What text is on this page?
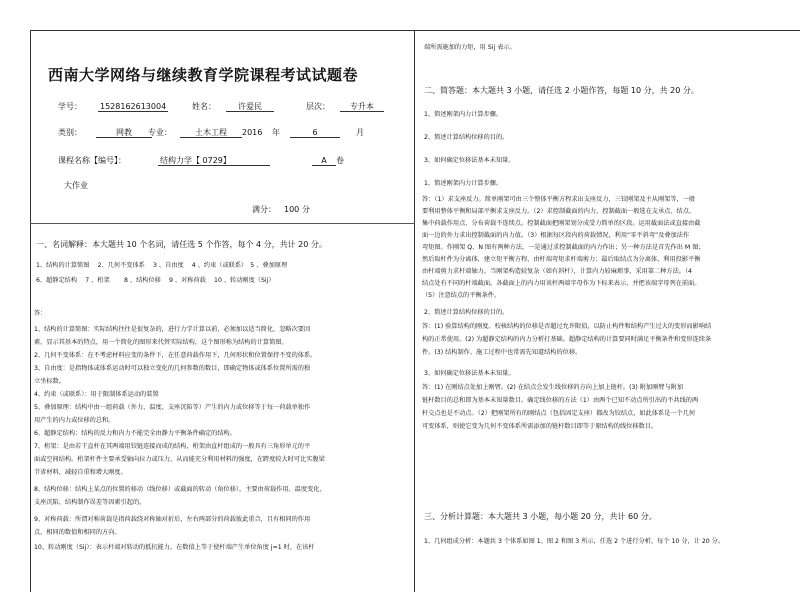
西南大学网络与继续教育学院课程考试试题卷
学号： 1528162613004	姓名：	许爱民	层次：	专升本
类别：	网教	专业：	土木工程	2016 年	6	月
课程名称【编号】：	结构力学【 0729】	A	卷
大作业
满分： 100 分
一、名词解释：本大题共 10 个名词，请任选 5 个作答，每个 4 分，共计 20 分。
1、结构的计算简图　 2、几何不变体系　 3 、自由度　 4 、约束（或联系）　5 、叠加原理
6、超静定结构　 7 、桁架　　 8 、结构位移　 9 、对称荷载　 10 、转动刚度（Sij）
答：
1、结构的计算简图：实际结构往往是很复杂的，进行力学计算以前，必须加以适当简化，忽略次要因
素，显示其基本的特点，用一个简化的图形来代替实际结构，这个图形称为结构的计算简图。
2、几何不变体系：在不考虑材料应变的条件下，在任意荷载作用下，几何形状和位置保持不变的体系。
3、自由度：是指物体或体系运动时可以独立变化的几何参数的数目，即确定物体或体系位置所需的独
立坐标数。
4、约束（或联系）：用于限制体系运动的装置
5、叠加原理：结构中由一组荷载（外力、温度、支座沉陷等）产生的内力或位移等于每一荷载单独作
用产生的内力或位移的总和。
6、超静定结构：结构的反力和内力不能完全由静力平衡条件确定的结构。
7、桁架：是由若干直杆在其两端用铰链连接而成的结构，桁架由直杆组成的一般具有三角形单元的平
面或空间结构。桁架杆件主要承受轴向拉力或压力，从而能充分利用材料的强度，在跨度较大时可比实腹梁
节省材料，减轻自重和增大刚度。
8、结构位移：结构上某点的位置的移动（线位移）或截面的转动（角位移），主要由荷载作用、温度变化、
支座沉陷、结构制作误差等因素引起的。
9、对称荷载：所谓对称荷载是指荷载绕对称轴对折后，左右两部分的荷载彼此重合，且有相同的作用
点，相同的数值和相同的方向。
10、转动刚度（Sij）：表示杆端对转动的抵抗能力。在数值上等于使杆端产生单位角度 j=1 时，在该杆
端所需施加的力矩，用 Sij 表示。
二、简答题：本大题共 3 小题，请任选 2 小题作答，每题 10 分，共 20 分。
1、简述刚架内力计算步骤。
2、简述计算结构位移的目的。
3、如何确定位移法基本未知量。
1、简述刚架内力计算步骤。
答：（1）求支座反力。简单刚架可由三个整体平衡方程求出支座反力，三铰刚架及主从刚架等，一般
要利用整体平衡和局部平衡求支座反力。（2）求控制截面的内力，控制截面一般选在支承点、结点、
集中荷载作用点、分布荷载不连续点。控制截面把刚架划分成受力简单的区段。运用截面法或直接由截
面一边的外力求出控制截面的内力值。（3）根据每区段内的荷载情况，利用“零平斜弯”及叠加法作
弯矩图。作刚架 Q、N 图有两种方法，一是通过求控制截面的内力作出；另一种方法是首先作出 M 图；
然后取杆件为分离体，建立矩平衡方程，由杆端弯矩求杆端剪力；最后取结点为分离体，利用投影平衡
由杆端剪力求杆端轴力。当刚架构造较复杂（如有斜杆），计算内力较麻烦事，采用第二种方法。（4
结点处有不同的杆端截面。各截面上的内力用该杆两端字母作为下标来表示，并把该端字母列在前面。
（5）注意结点的平衡条件。
2、简述计算结构位移的目的。
答：(1) 验算结构的刚度。校核结构的位移是否超过允许限值，以防止构件和结构产生过大的变形而影响结
构的正常使用。(2) 为超静定结构的内力分析打基础。超静定结构的计算要同时满足平衡条件和变形连续条
件。(3) 结构制作、施工过程中也常需先知道结构的位移。
3、如何确定位移法基本未知量。
答：(1) 在刚结点处加上刚臂。(2) 在结点会发生线位移的方向上加上链杆。(3) 附加刚臂与附加
链杆数目的总和即为基本未知量数目。确定线位移的方法（1）由两个已知不动点所引出的不共线的两
杆交点也是不动点。（2）把刚架所有的刚结点（包括固定支座）都改为铰结点，如此体系是一个几何
可变体系，则使它变为几何不变体系所需添加的链杆数目即等于原结构的线位移数目。
三、分析计算题：本大题共 3 小题，每小题 20 分，共计 60 分。
1、几何组成分析：本题共 3 个体系如图 1、图 2 和图 3 所示，任选 2 个进行分析，每个 10 分，计 20 分。
